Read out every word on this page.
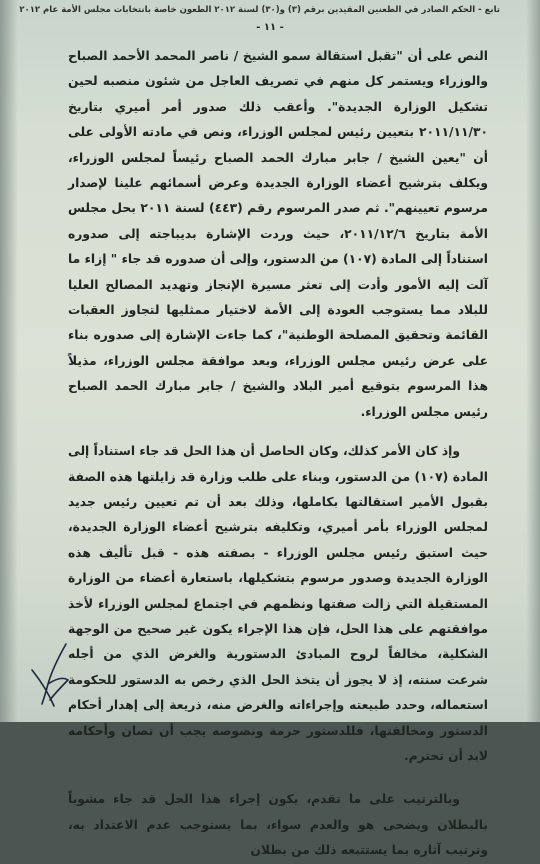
تابع - الحكم الصادر في الطعنين المقيدين برقم (٣) و(٣٠) لسنة ٢٠١٢ الطعون خاصة بانتخابات مجلس الأمة عام ٢٠١٢
- ١١ -

النص على أن "تقبل استقالة سمو الشيخ / ناصر المحمد الأحمد الصباح والوزراء ويستمر كل منهم في تصريف العاجل من شئون منصبه لحين تشكيل الوزارة الجديدة". وأعقب ذلك صدور أمر أميري بتاريخ ٢٠١١/١١/٣٠ بتعيين رئيس لمجلس الوزراء، ونص في مادته الأولى على أن "يعين الشيخ / جابر مبارك الحمد الصباح رئيساً لمجلس الوزراء، ويكلف بترشيح أعضاء الوزارة الجديدة وعرض أسمائهم علينا لإصدار مرسوم تعيينهم". ثم صدر المرسوم رقم (٤٤٣) لسنة ٢٠١١ بحل مجلس الأمة بتاريخ ٢٠١١/١٢/٦، حيث وردت الإشارة بديباجته إلى صدوره استناداً إلى المادة (١٠٧) من الدستور، وإلى أن صدوره قد جاء " إزاء ما آلت إليه الأمور وأدت إلى تعثر مسيرة الإنجاز وتهديد المصالح العليا للبلاد مما يستوجب العودة إلى الأمة لاختيار ممثليها لتجاوز العقبات القائمة وتحقيق المصلحة الوطنية"، كما جاءت الإشارة إلى صدوره بناء على عرض رئيس مجلس الوزراء، وبعد موافقة مجلس الوزراء، مذيلاً هذا المرسوم بتوقيع أمير البلاد والشيخ / جابر مبارك الحمد الصباح رئيس مجلس الوزراء.

وإذ كان الأمر كذلك، وكان الحاصل أن هذا الحل قد جاء استناداً إلى المادة (١٠٧) من الدستور، وبناء على طلب وزارة قد زايلتها هذه الصفة بقبول الأمير استقالتها بكاملها، وذلك بعد أن تم تعيين رئيس جديد لمجلس الوزراء بأمر أميري، وتكليفه بترشيح أعضاء الوزارة الجديدة، حيث استبق رئيس مجلس الوزراء - بصفته هذه - قبل تأليف هذه الوزارة الجديدة وصدور مرسوم بتشكيلها، باستعارة أعضاء من الوزارة المستقيلة التي زالت صفتها ونظمهم في اجتماع لمجلس الوزراء لأخذ موافقتهم على هذا الحل، فإن هذا الإجراء يكون غير صحيح من الوجهة الشكلية، مخالفاً لروح المبادئ الدستورية والغرض الذي من أجله شرعت سنته، إذ لا يجوز أن يتخذ الحل الذي رخص به الدستور للحكومة استعماله، وحدد طبيعته وإجراءاته والغرض منه، ذريعة إلى إهدار أحكام الدستور ومخالفتها، فللدستور حرمة ونصوصه يجب أن تصان وأحكامه لابد أن تحترم.

وبالترتيب على ما تقدم، يكون إجراء هذا الحل قد جاء مشوباً بالبطلان ويضحى هو والعدم سواء، بما يستوجب عدم الاعتداد به، وترتيب آثاره بما يستتبعه ذلك من بطلان
